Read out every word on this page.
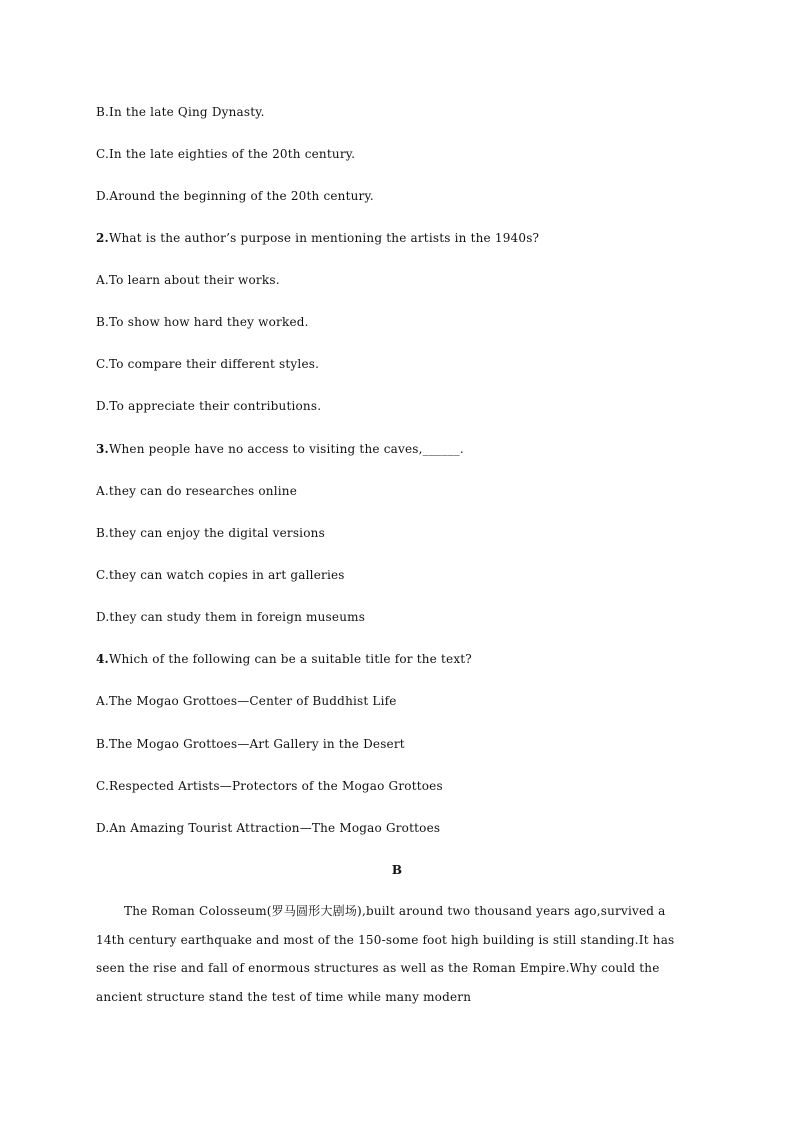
B.In the late Qing Dynasty.
C.In the late eighties of the 20th century.
D.Around the beginning of the 20th century.
2.What is the author’s purpose in mentioning the artists in the 1940s?
A.To learn about their works.
B.To show how hard they worked.
C.To compare their different styles.
D.To appreciate their contributions.
3.When people have no access to visiting the caves,______.
A.they can do researches online
B.they can enjoy the digital versions
C.they can watch copies in art galleries
D.they can study them in foreign museums
4.Which of the following can be a suitable title for the text?
A.The Mogao Grottoes—Center of Buddhist Life
B.The Mogao Grottoes—Art Gallery in the Desert
C.Respected Artists—Protectors of the Mogao Grottoes
D.An Amazing Tourist Attraction—The Mogao Grottoes
B
The Roman Colosseum(罗马圆形大剧场),built around two thousand years ago,survived a 14th century earthquake and most of the 150-some foot high building is still standing.It has seen the rise and fall of enormous structures as well as the Roman Empire.Why could the ancient structure stand the test of time while many modern
